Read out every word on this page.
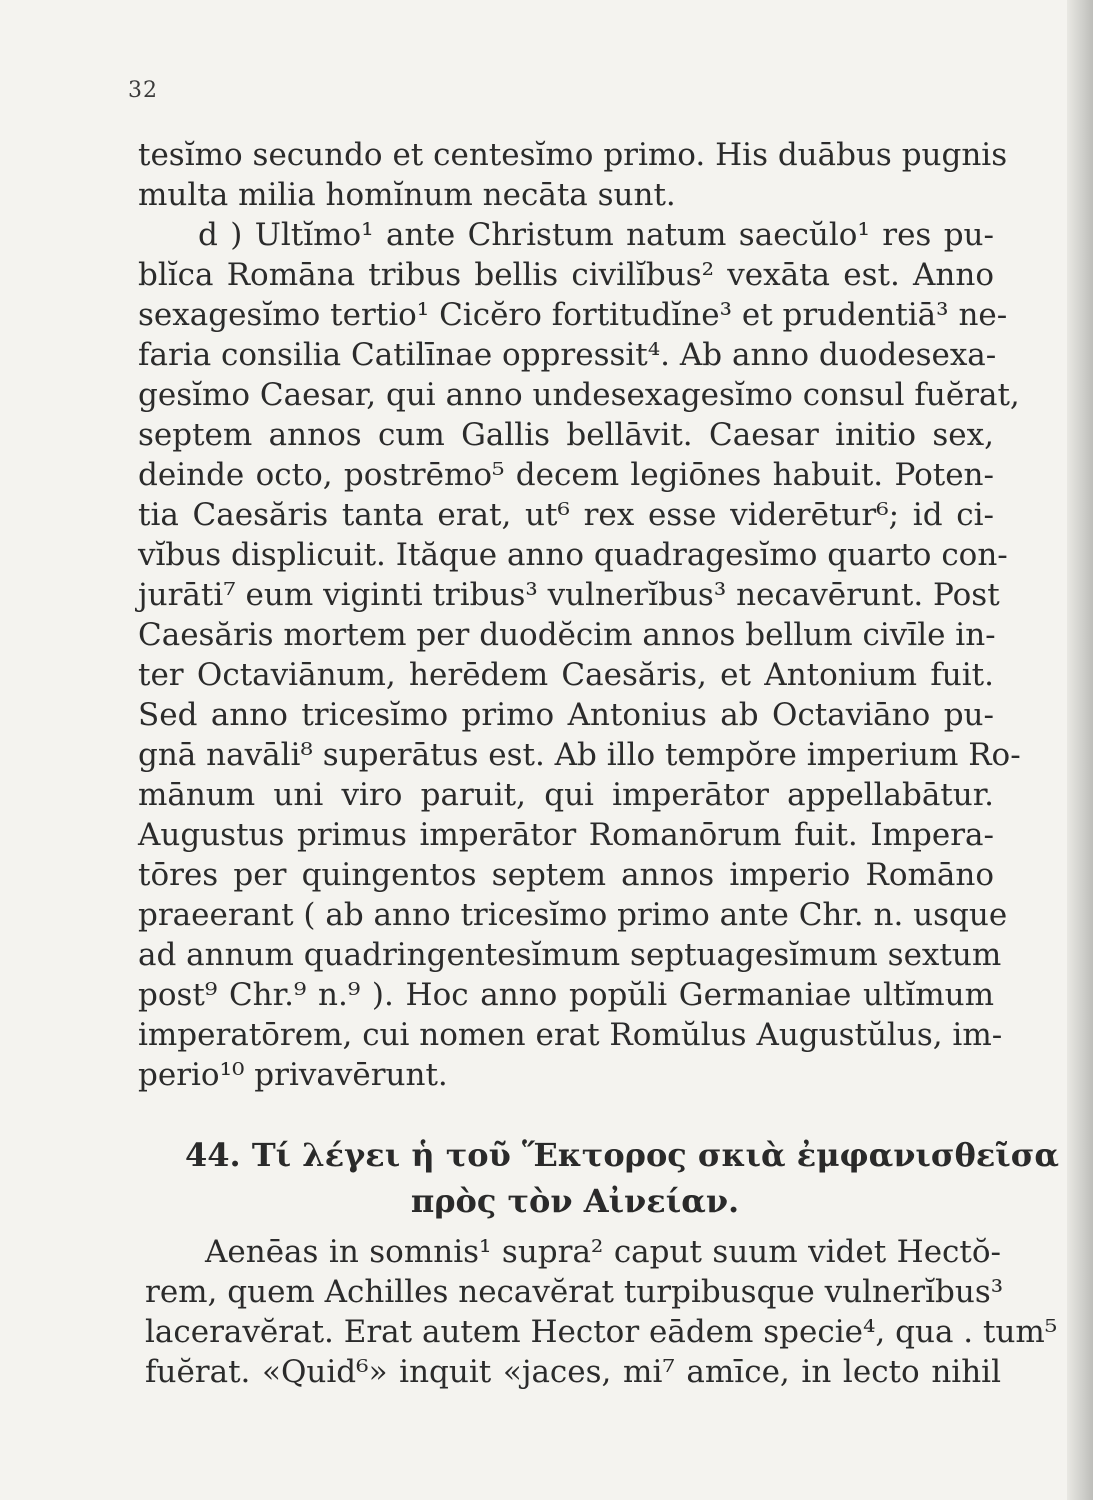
32
tesĭmo secundo et centesĭmo primo. His duābus pugnis
multa milia homĭnum necāta sunt.
d ) Ultĭmo¹ ante Christum natum saecŭlo¹ res pu-
blĭca Romāna tribus bellis civilĭbus² vexāta est. Anno
sexagesĭmo tertio¹ Cicĕro fortitudĭne³ et prudentiā³ ne-
faria consilia Catilīnae oppressit⁴. Ab anno duodesexa-
gesĭmo Caesar, qui anno undesexagesĭmo consul fuĕrat,
septem annos cum Gallis bellāvit. Caesar initio sex,
deinde octo, postrēmo⁵ decem legiōnes habuit. Poten-
tia Caesăris tanta erat, ut⁶ rex esse viderētur⁶; id ci-
vĭbus displicuit. Ităque anno quadragesĭmo quarto con-
jurāti⁷ eum viginti tribus³ vulnerĭbus³ necavērunt. Post
Caesăris mortem per duodĕcim annos bellum civīle in-
ter Octaviānum, herēdem Caesăris, et Antonium fuit.
Sed anno tricesĭmo primo Antonius ab Octaviāno pu-
gnā navāli⁸ superātus est. Ab illo tempŏre imperium Ro-
mānum uni viro paruit, qui imperātor appellabātur.
Augustus primus imperātor Romanōrum fuit. Impera-
tōres per quingentos septem annos imperio Romāno
praeerant ( ab anno tricesĭmo primo ante Chr. n. usque
ad annum quadringentesĭmum septuagesĭmum sextum
post⁹ Chr.⁹ n.⁹ ). Hoc anno popŭli Germaniae ultĭmum
imperatōrem, cui nomen erat Romŭlus Augustŭlus, im-
perio¹⁰ privavērunt.
44. Τί λέγει ἡ τοῦ Ἕκτορος σκιὰ ἐμφανισθεῖσα
πρὸς τὸν Αἰνείαν.
Aenēas in somnis¹ supra² caput suum videt Hectŏ-
rem, quem Achilles necavĕrat turpibusque vulnerĭbus³
laceravĕrat. Erat autem Hector eādem specie⁴, qua . tum⁵
fuĕrat. «Quid⁶» inquit «jaces, mi⁷ amīce, in lecto nihil
